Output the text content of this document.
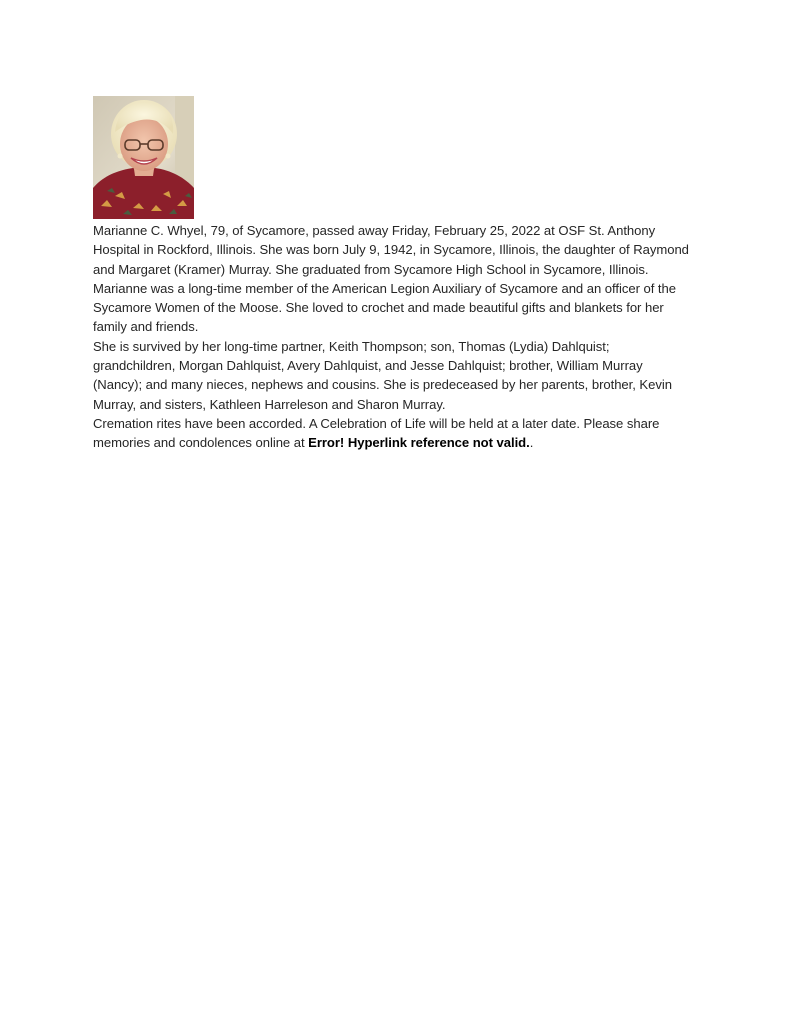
Marianne C. Whyel, 79, of Sycamore, passed away Friday, February 25, 2022 at OSF St. Anthony Hospital in Rockford, Illinois. She was born July 9, 1942, in Sycamore, Illinois, the daughter of Raymond and Margaret (Kramer) Murray. She graduated from Sycamore High School in Sycamore, Illinois. Marianne was a long-time member of the American Legion Auxiliary of Sycamore and an officer of the Sycamore Women of the Moose. She loved to crochet and made beautiful gifts and blankets for her family and friends.

She is survived by her long-time partner, Keith Thompson; son, Thomas (Lydia) Dahlquist; grandchildren, Morgan Dahlquist, Avery Dahlquist, and Jesse Dahlquist; brother, William Murray (Nancy); and many nieces, nephews and cousins. She is predeceased by her parents, brother, Kevin Murray, and sisters, Kathleen Harreleson and Sharon Murray.

Cremation rites have been accorded. A Celebration of Life will be held at a later date. Please share memories and condolences online at Error! Hyperlink reference not valid..
